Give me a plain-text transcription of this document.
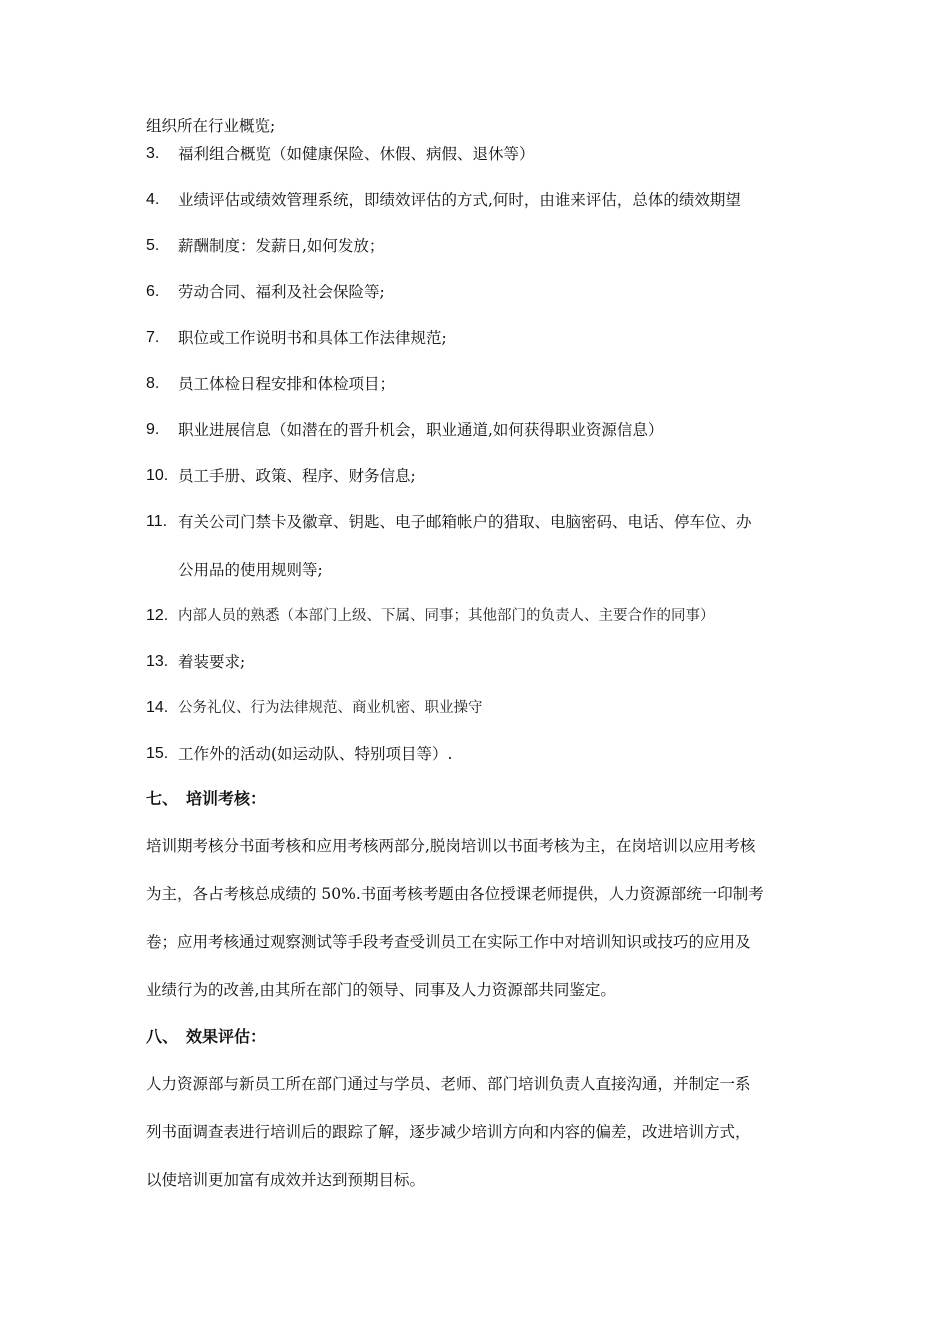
组织所在行业概览;
3. 福利组合概览（如健康保险、休假、病假、退休等）
4. 业绩评估或绩效管理系统，即绩效评估的方式,何时，由谁来评估，总体的绩效期望
5. 薪酬制度：发薪日,如何发放；
6. 劳动合同、福利及社会保险等;
7. 职位或工作说明书和具体工作法律规范;
8. 员工体检日程安排和体检项目；
9. 职业进展信息（如潜在的晋升机会，职业通道,如何获得职业资源信息）
10. 员工手册、政策、程序、财务信息;
11. 有关公司门禁卡及徽章、钥匙、电子邮箱帐户的猎取、电脑密码、电话、停车位、办
公用品的使用规则等;
12. 内部人员的熟悉（本部门上级、下属、同事；其他部门的负责人、主要合作的同事）
13. 着装要求;
14. 公务礼仪、行为法律规范、商业机密、职业操守
15. 工作外的活动(如运动队、特别项目等）.
七、 培训考核：
培训期考核分书面考核和应用考核两部分,脱岗培训以书面考核为主，在岗培训以应用考核
为主，各占考核总成绩的 50%.书面考核考题由各位授课老师提供，人力资源部统一印制考
卷；应用考核通过观察测试等手段考查受训员工在实际工作中对培训知识或技巧的应用及
业绩行为的改善,由其所在部门的领导、同事及人力资源部共同鉴定。
八、 效果评估：
人力资源部与新员工所在部门通过与学员、老师、部门培训负责人直接沟通，并制定一系
列书面调查表进行培训后的跟踪了解，逐步减少培训方向和内容的偏差，改进培训方式，
以使培训更加富有成效并达到预期目标。
